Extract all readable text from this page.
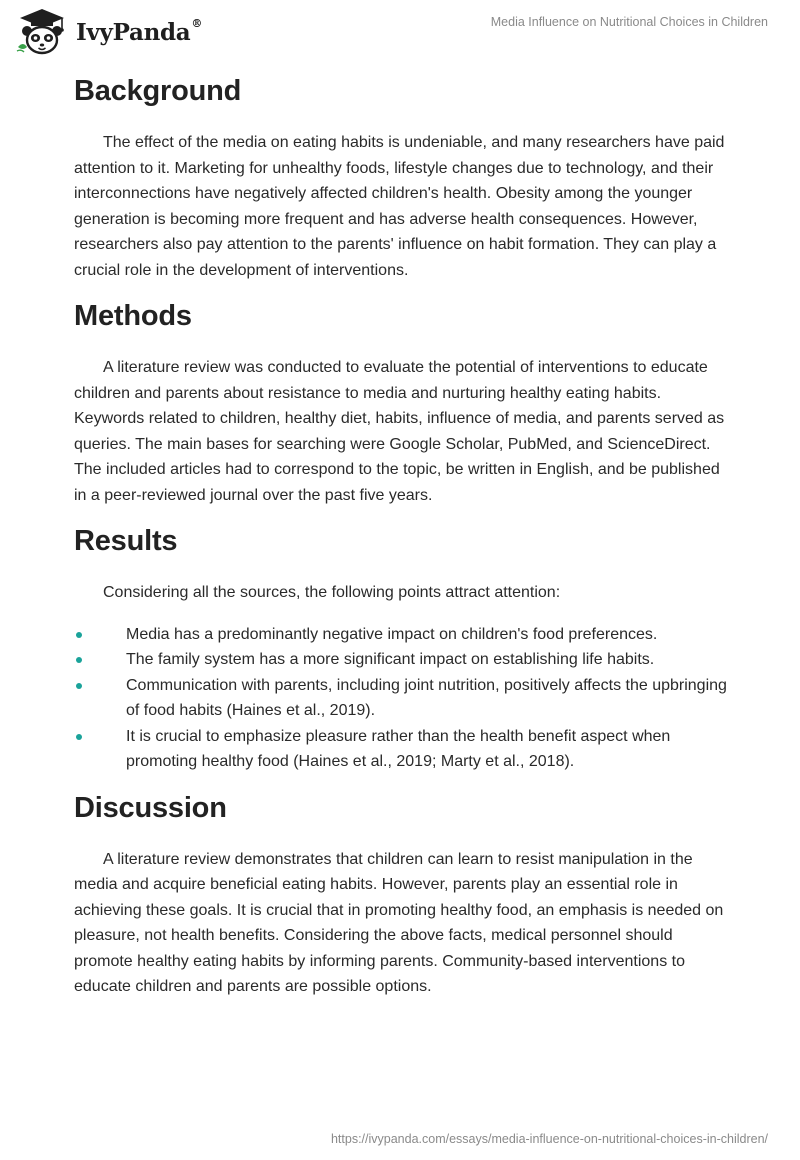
IvyPanda®	Media Influence on Nutritional Choices in Children
Background

The effect of the media on eating habits is undeniable, and many researchers have paid attention to it. Marketing for unhealthy foods, lifestyle changes due to technology, and their interconnections have negatively affected children's health. Obesity among the younger generation is becoming more frequent and has adverse health consequences. However, researchers also pay attention to the parents' influence on habit formation. They can play a crucial role in the development of interventions.

Methods

A literature review was conducted to evaluate the potential of interventions to educate children and parents about resistance to media and nurturing healthy eating habits. Keywords related to children, healthy diet, habits, influence of media, and parents served as queries. The main bases for searching were Google Scholar, PubMed, and ScienceDirect. The included articles had to correspond to the topic, be written in English, and be published in a peer-reviewed journal over the past five years.

Results

Considering all the sources, the following points attract attention:

Media has a predominantly negative impact on children's food preferences.
The family system has a more significant impact on establishing life habits.
Communication with parents, including joint nutrition, positively affects the upbringing of food habits (Haines et al., 2019).
It is crucial to emphasize pleasure rather than the health benefit aspect when promoting healthy food (Haines et al., 2019; Marty et al., 2018).
Discussion

A literature review demonstrates that children can learn to resist manipulation in the media and acquire beneficial eating habits. However, parents play an essential role in achieving these goals. It is crucial that in promoting healthy food, an emphasis is needed on pleasure, not health benefits. Considering the above facts, medical personnel should promote healthy eating habits by informing parents. Community-based interventions to educate children and parents are possible options.

https://ivypanda.com/essays/media-influence-on-nutritional-choices-in-children/
